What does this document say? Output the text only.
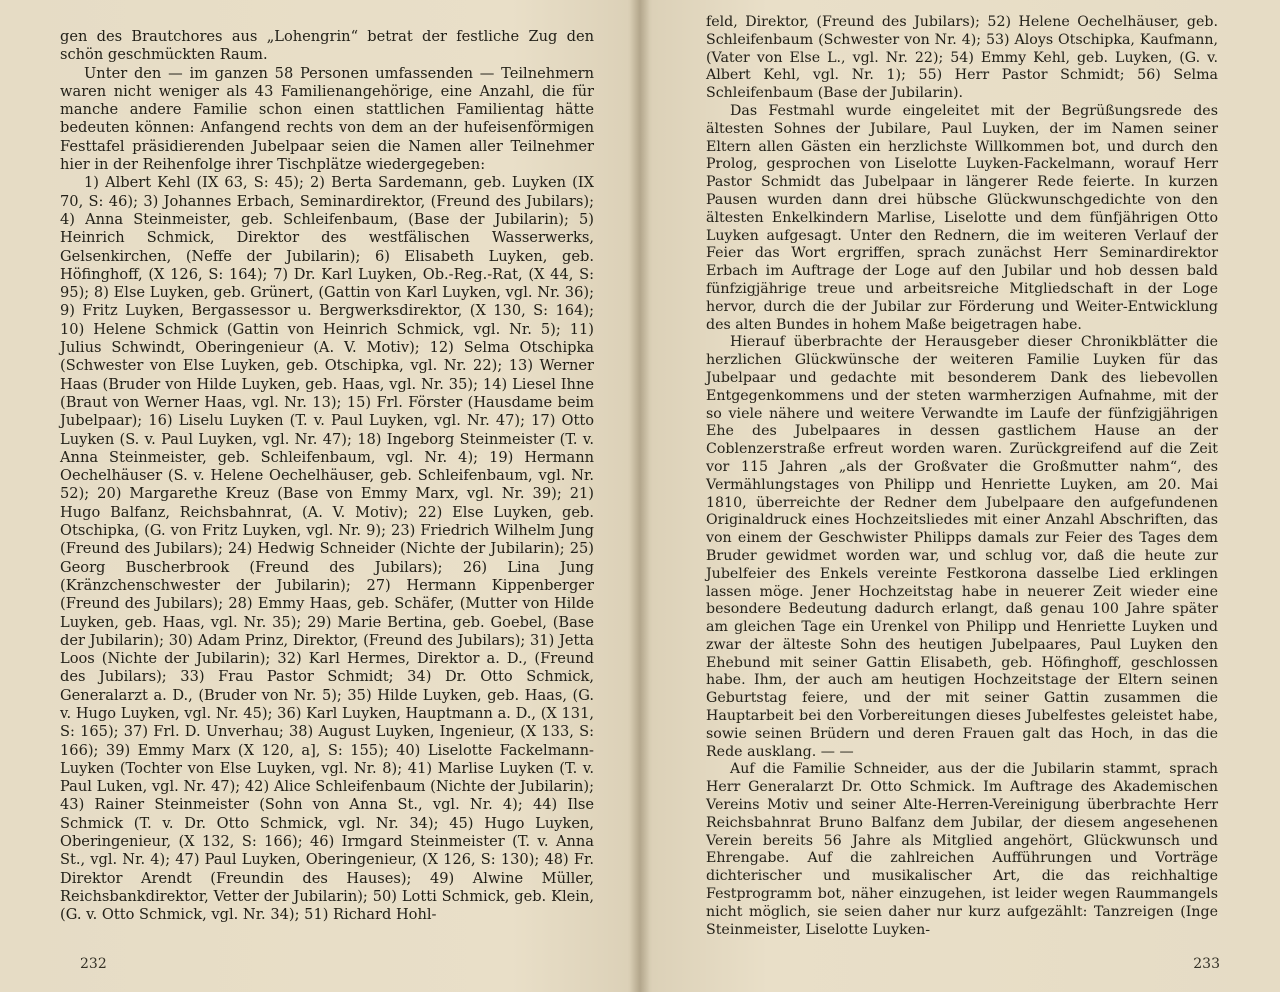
gen des Brautchores aus „Lohengrin“ betrat der festliche Zug den schön geschmückten Raum.

Unter den — im ganzen 58 Personen umfassenden — Teilnehmern waren nicht weniger als 43 Familienangehörige, eine Anzahl, die für manche andere Familie schon einen stattlichen Familientag hätte bedeuten können: Anfangend rechts von dem an der hufeisenförmigen Festtafel präsidierenden Jubelpaar seien die Namen aller Teilnehmer hier in der Reihenfolge ihrer Tischplätze wiedergegeben:

1) Albert Kehl (IX 63, S: 45); 2) Berta Sardemann, geb. Luyken (IX 70, S: 46); 3) Johannes Erbach, Seminardirektor, (Freund des Jubilars); 4) Anna Steinmeister, geb. Schleifenbaum, (Base der Jubilarin); 5) Heinrich Schmick, Direktor des westfälischen Wasserwerks, Gelsenkirchen, (Neffe der Jubilarin); 6) Elisabeth Luyken, geb. Höfinghoff, (X 126, S: 164); 7) Dr. Karl Luyken, Ob.-Reg.-Rat, (X 44, S: 95); 8) Else Luyken, geb. Grünert, (Gattin von Karl Luyken, vgl. Nr. 36); 9) Fritz Luyken, Bergassessor u. Bergwerksdirektor, (X 130, S: 164); 10) Helene Schmick (Gattin von Heinrich Schmick, vgl. Nr. 5); 11) Julius Schwindt, Oberingenieur (A. V. Motiv); 12) Selma Otschipka (Schwester von Else Luyken, geb. Otschipka, vgl. Nr. 22); 13) Werner Haas (Bruder von Hilde Luyken, geb. Haas, vgl. Nr. 35); 14) Liesel Ihne (Braut von Werner Haas, vgl. Nr. 13); 15) Frl. Förster (Hausdame beim Jubelpaar); 16) Liselu Luyken (T. v. Paul Luyken, vgl. Nr. 47); 17) Otto Luyken (S. v. Paul Luyken, vgl. Nr. 47); 18) Ingeborg Steinmeister (T. v. Anna Steinmeister, geb. Schleifenbaum, vgl. Nr. 4); 19) Hermann Oechelhäuser (S. v. Helene Oechelhäuser, geb. Schleifenbaum, vgl. Nr. 52); 20) Margarethe Kreuz (Base von Emmy Marx, vgl. Nr. 39); 21) Hugo Balfanz, Reichsbahnrat, (A. V. Motiv); 22) Else Luyken, geb. Otschipka, (G. von Fritz Luyken, vgl. Nr. 9); 23) Friedrich Wilhelm Jung (Freund des Jubilars); 24) Hedwig Schneider (Nichte der Jubilarin); 25) Georg Buscherbrook (Freund des Jubilars); 26) Lina Jung (Kränzchenschwester der Jubilarin); 27) Hermann Kippenberger (Freund des Jubilars); 28) Emmy Haas, geb. Schäfer, (Mutter von Hilde Luyken, geb. Haas, vgl. Nr. 35); 29) Marie Bertina, geb. Goebel, (Base der Jubilarin); 30) Adam Prinz, Direktor, (Freund des Jubilars); 31) Jetta Loos (Nichte der Jubilarin); 32) Karl Hermes, Direktor a. D., (Freund des Jubilars); 33) Frau Pastor Schmidt; 34) Dr. Otto Schmick, Generalarzt a. D., (Bruder von Nr. 5); 35) Hilde Luyken, geb. Haas, (G. v. Hugo Luyken, vgl. Nr. 45); 36) Karl Luyken, Hauptmann a. D., (X 131, S: 165); 37) Frl. D. Unverhau; 38) August Luyken, Ingenieur, (X 133, S: 166); 39) Emmy Marx (X 120, a], S: 155); 40) Liselotte Fackelmann-Luyken (Tochter von Else Luyken, vgl. Nr. 8); 41) Marlise Luyken (T. v. Paul Luken, vgl. Nr. 47); 42) Alice Schleifenbaum (Nichte der Jubilarin); 43) Rainer Steinmeister (Sohn von Anna St., vgl. Nr. 4); 44) Ilse Schmick (T. v. Dr. Otto Schmick, vgl. Nr. 34); 45) Hugo Luyken, Oberingenieur, (X 132, S: 166); 46) Irmgard Steinmeister (T. v. Anna St., vgl. Nr. 4); 47) Paul Luyken, Oberingenieur, (X 126, S: 130); 48) Fr. Direktor Arendt (Freundin des Hauses); 49) Alwine Müller, Reichsbankdirektor, Vetter der Jubilarin); 50) Lotti Schmick, geb. Klein, (G. v. Otto Schmick, vgl. Nr. 34); 51) Richard Hohl-

232

feld, Direktor, (Freund des Jubilars); 52) Helene Oechelhäuser, geb. Schleifenbaum (Schwester von Nr. 4); 53) Aloys Otschipka, Kaufmann, (Vater von Else L., vgl. Nr. 22); 54) Emmy Kehl, geb. Luyken, (G. v. Albert Kehl, vgl. Nr. 1); 55) Herr Pastor Schmidt; 56) Selma Schleifenbaum (Base der Jubilarin).

Das Festmahl wurde eingeleitet mit der Begrüßungsrede des ältesten Sohnes der Jubilare, Paul Luyken, der im Namen seiner Eltern allen Gästen ein herzlichste Willkommen bot, und durch den Prolog, gesprochen von Liselotte Luyken-Fackelmann, worauf Herr Pastor Schmidt das Jubelpaar in längerer Rede feierte. In kurzen Pausen wurden dann drei hübsche Glückwunschgedichte von den ältesten Enkelkindern Marlise, Liselotte und dem fünfjährigen Otto Luyken aufgesagt. Unter den Rednern, die im weiteren Verlauf der Feier das Wort ergriffen, sprach zunächst Herr Seminardirektor Erbach im Auftrage der Loge auf den Jubilar und hob dessen bald fünfzigjährige treue und arbeitsreiche Mitgliedschaft in der Loge hervor, durch die der Jubilar zur Förderung und Weiter-Entwicklung des alten Bundes in hohem Maße beigetragen habe.

Hierauf überbrachte der Herausgeber dieser Chronikblätter die herzlichen Glückwünsche der weiteren Familie Luyken für das Jubelpaar und gedachte mit besonderem Dank des liebevollen Entgegenkommens und der steten warmherzigen Aufnahme, mit der so viele nähere und weitere Verwandte im Laufe der fünfzigjährigen Ehe des Jubelpaares in dessen gastlichem Hause an der Coblenzerstraße erfreut worden waren. Zurückgreifend auf die Zeit vor 115 Jahren „als der Großvater die Großmutter nahm“, des Vermählungstages von Philipp und Henriette Luyken, am 20. Mai 1810, überreichte der Redner dem Jubelpaare den aufgefundenen Originaldruck eines Hochzeitsliedes mit einer Anzahl Abschriften, das von einem der Geschwister Philipps damals zur Feier des Tages dem Bruder gewidmet worden war, und schlug vor, daß die heute zur Jubelfeier des Enkels vereinte Festkorona dasselbe Lied erklingen lassen möge. Jener Hochzeitstag habe in neuerer Zeit wieder eine besondere Bedeutung dadurch erlangt, daß genau 100 Jahre später am gleichen Tage ein Urenkel von Philipp und Henriette Luyken und zwar der älteste Sohn des heutigen Jubelpaares, Paul Luyken den Ehebund mit seiner Gattin Elisabeth, geb. Höfinghoff, geschlossen habe. Ihm, der auch am heutigen Hochzeitstage der Eltern seinen Geburtstag feiere, und der mit seiner Gattin zusammen die Hauptarbeit bei den Vorbereitungen dieses Jubelfestes geleistet habe, sowie seinen Brüdern und deren Frauen galt das Hoch, in das die Rede ausklang. — —

Auf die Familie Schneider, aus der die Jubilarin stammt, sprach Herr Generalarzt Dr. Otto Schmick. Im Auftrage des Akademischen Vereins Motiv und seiner Alte-Herren-Vereinigung überbrachte Herr Reichsbahnrat Bruno Balfanz dem Jubilar, der diesem angesehenen Verein bereits 56 Jahre als Mitglied angehört, Glückwunsch und Ehrengabe. Auf die zahlreichen Aufführungen und Vorträge dichterischer und musikalischer Art, die das reichhaltige Festprogramm bot, näher einzugehen, ist leider wegen Raummangels nicht möglich, sie seien daher nur kurz aufgezählt: Tanzreigen (Inge Steinmeister, Liselotte Luyken-

233
